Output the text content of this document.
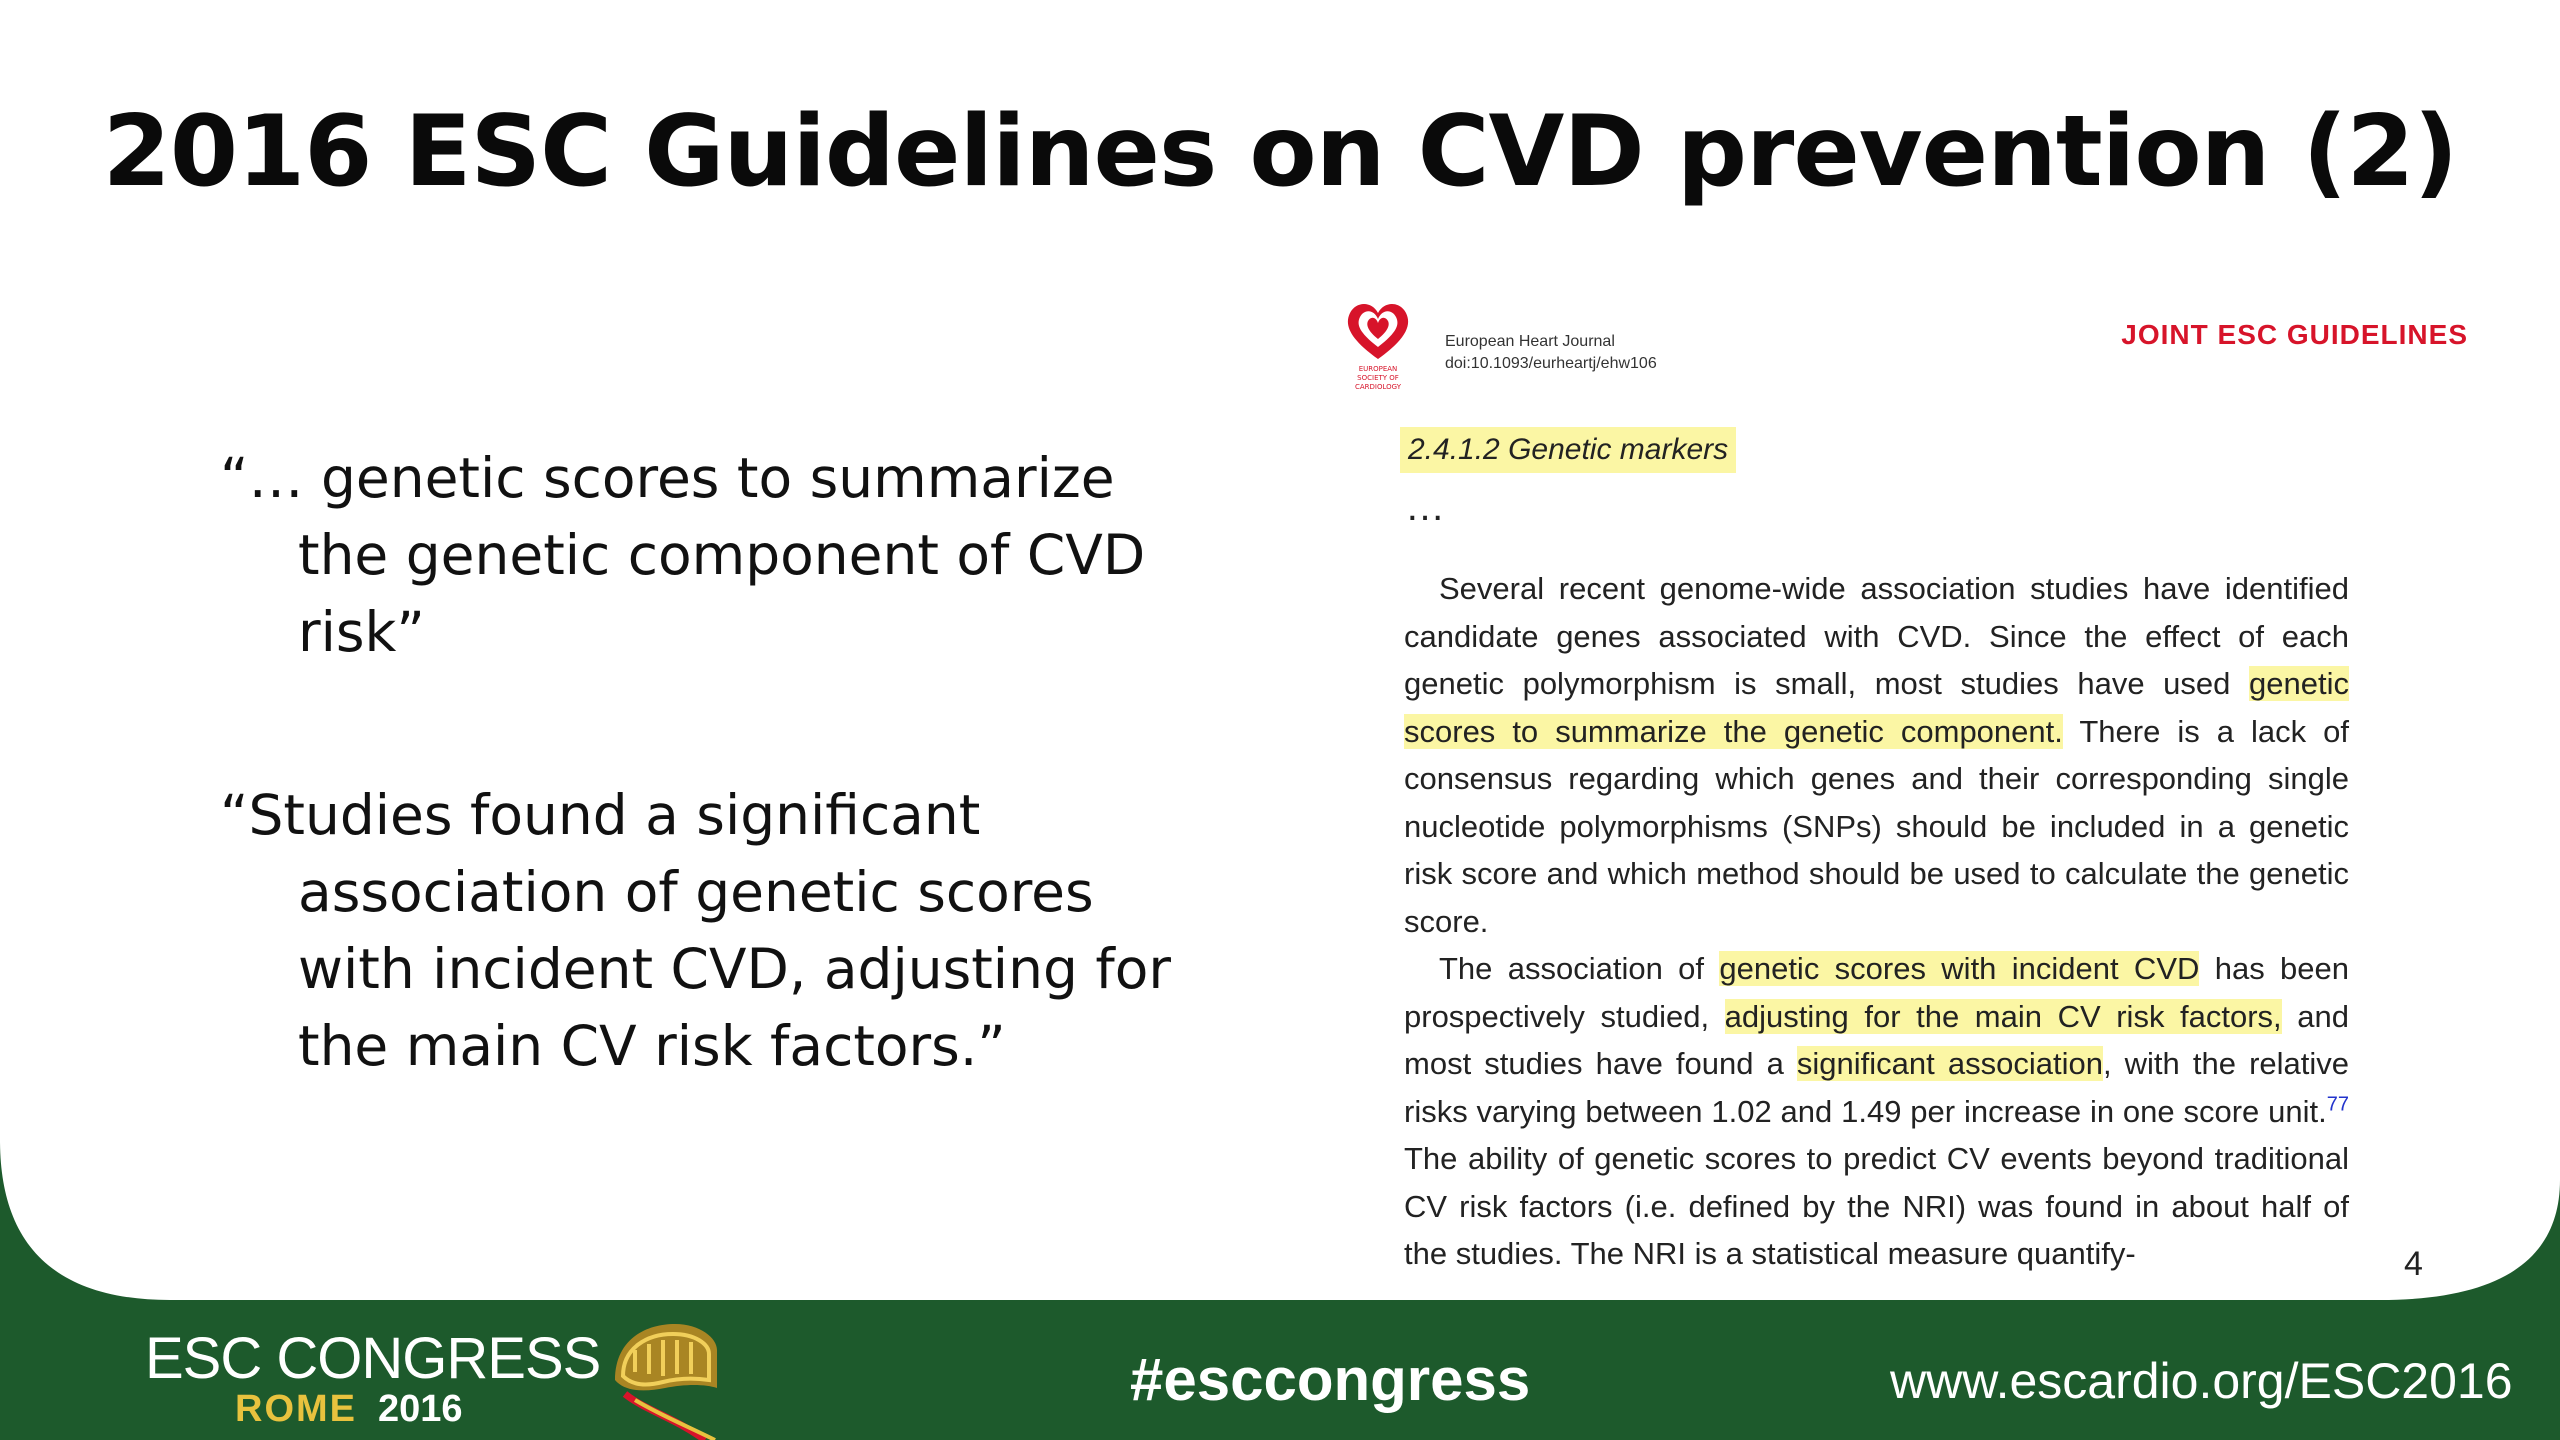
2016 ESC Guidelines on CVD prevention (2)

“… genetic scores to summarize the genetic component of CVD risk”

“Studies found a significant association of genetic scores with incident CVD, adjusting for the main CV risk factors.”

EUROPEAN
SOCIETY OF
CARDIOLOGY
European Heart Journal
doi:10.1093/eurheartj/ehw106
JOINT ESC GUIDELINES
2.4.1.2 Genetic markers
…

Several recent genome-wide association studies have identified candidate genes associated with CVD. Since the effect of each genetic polymorphism is small, most studies have used genetic scores to summarize the genetic component. There is a lack of consensus regarding which genes and their corresponding single nucleotide polymorphisms (SNPs) should be included in a genetic risk score and which method should be used to calculate the genetic score.

The association of genetic scores with incident CVD has been prospectively studied, adjusting for the main CV risk factors, and most studies have found a significant association, with the relative risks varying between 1.02 and 1.49 per increase in one score unit.$^{77}$ The ability of genetic scores to predict CV events beyond traditional CV risk factors (i.e. defined by the NRI) was found in about half of the studies. The NRI is a statistical measure quantify-	4
ESC CONGRESS
ROME 2016	#esccongress	www.escardio.org/ESC2016
